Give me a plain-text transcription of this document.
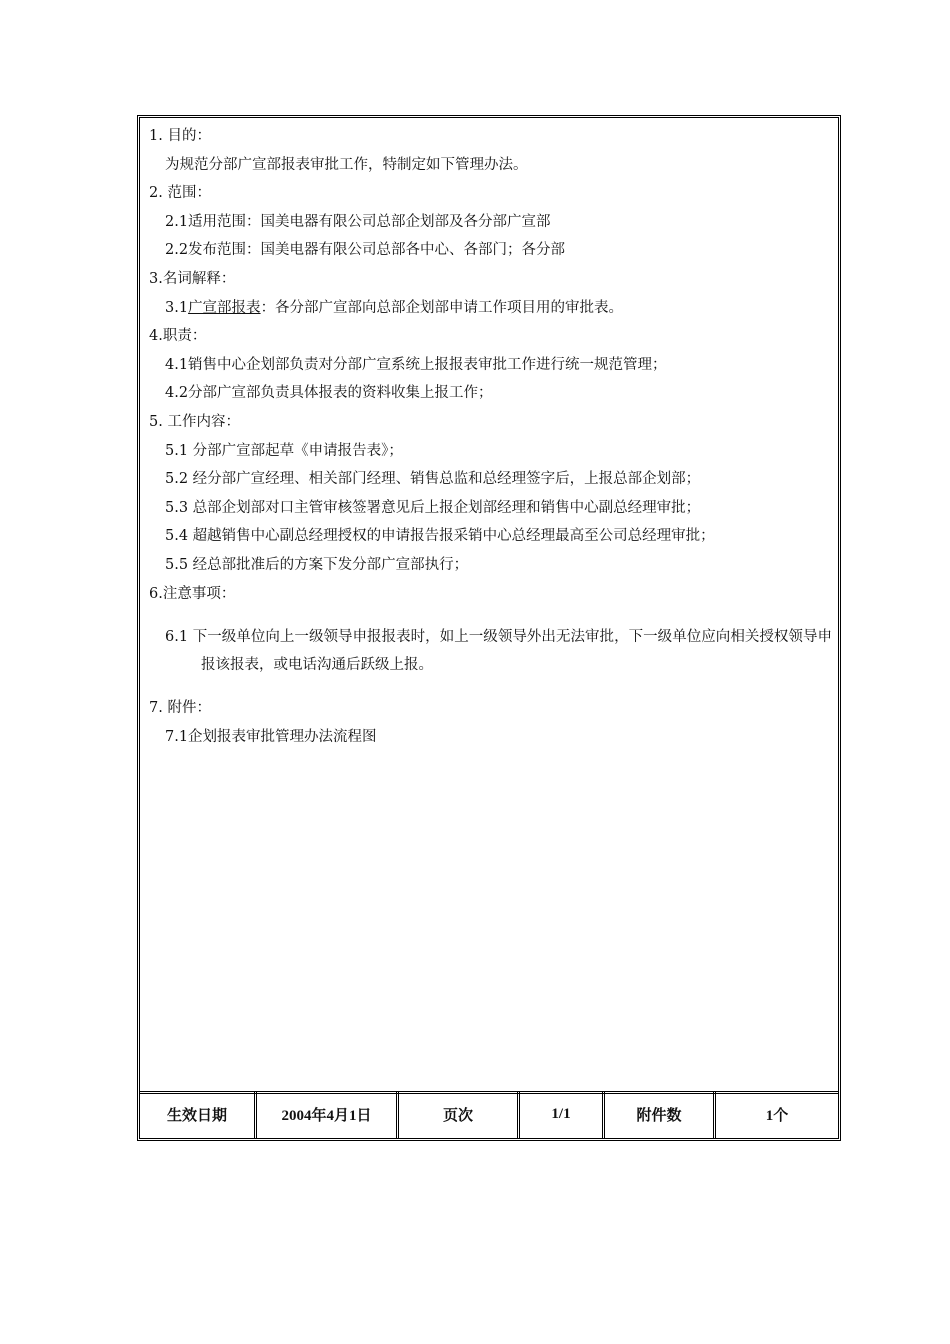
1. 目的：

为规范分部广宣部报表审批工作，特制定如下管理办法。

2. 范围：

2.1适用范围：国美电器有限公司总部企划部及各分部广宣部

2.2发布范围：国美电器有限公司总部各中心、各部门；各分部

3.名词解释：

3.1广宣部报表：各分部广宣部向总部企划部申请工作项目用的审批表。

4.职责：

4.1销售中心企划部负责对分部广宣系统上报报表审批工作进行统一规范管理；

4.2分部广宣部负责具体报表的资料收集上报工作；

5. 工作内容：

5.1 分部广宣部起草《申请报告表》；

5.2 经分部广宣经理、相关部门经理、销售总监和总经理签字后，上报总部企划部；

5.3 总部企划部对口主管审核签署意见后上报企划部经理和销售中心副总经理审批；

5.4 超越销售中心副总经理授权的申请报告报采销中心总经理最高至公司总经理审批；

5.5 经总部批准后的方案下发分部广宣部执行；

6.注意事项：

6.1 下一级单位向上一级领导申报报表时，如上一级领导外出无法审批，下一级单位应向相关授权领导申报该报表，或电话沟通后跃级上报。

7. 附件：

7.1企划报表审批管理办法流程图

生效日期	2004年4月1日	页次	1/1	附件数	1个
